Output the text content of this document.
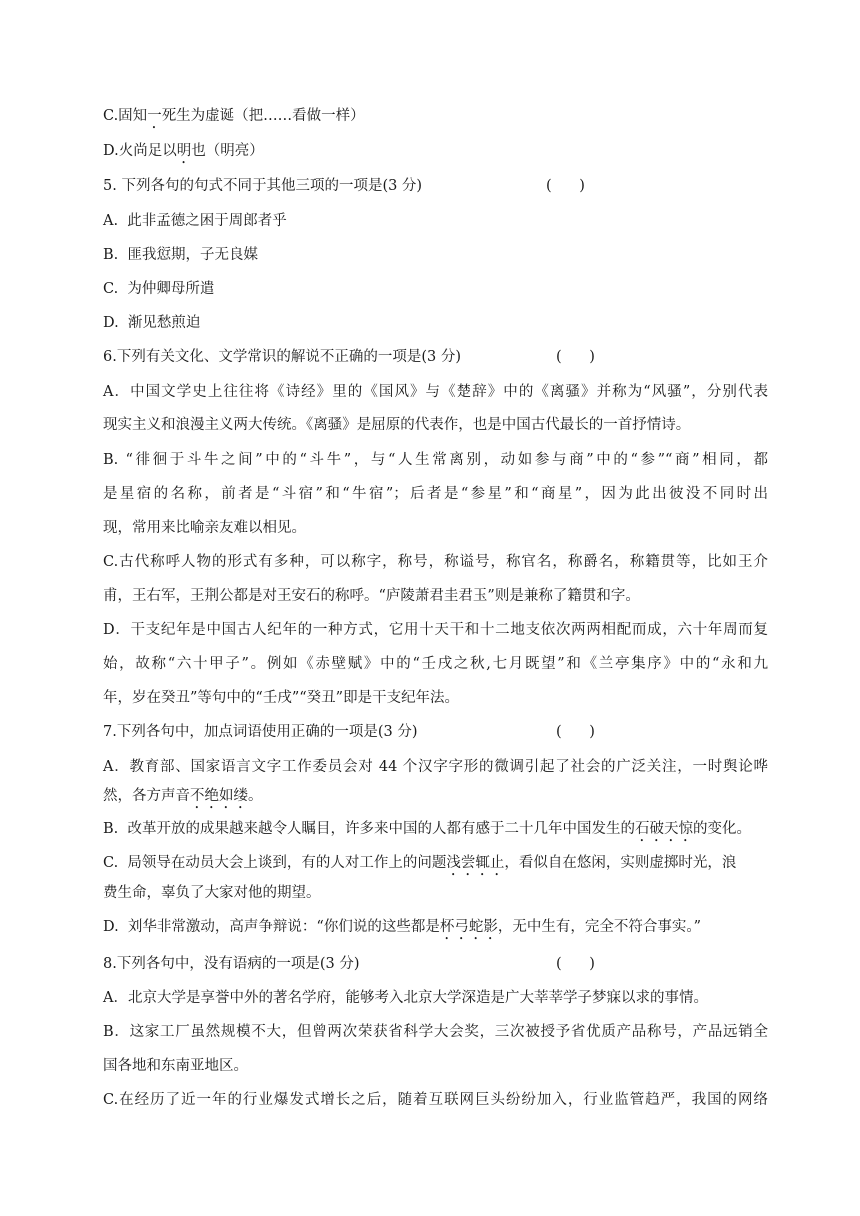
C.固知一死生为虚诞（把……看做一样）

D.火尚足以明也（明亮）

5. 下列各句的句式不同于其他三项的一项是(3 分)	(      )

A.  此非孟德之困于周郎者乎

B.  匪我愆期，子无良媒

C.  为仲卿母所遣

D.  渐见愁煎迫

6.下列有关文化、文学常识的解说不正确的一项是(3 分)	(      )

A．中国文学史上往往将《诗经》里的《国风》与《楚辞》中的《离骚》并称为“风骚”，分别代表

现实主义和浪漫主义两大传统。《离骚》是屈原的代表作，也是中国古代最长的一首抒情诗。

B. “徘徊于斗牛之间”中的“斗牛”，与“人生常离别，动如参与商”中的“参”“商”相同，都

是星宿的名称，前者是“斗宿”和“牛宿”；后者是“参星”和“商星”，因为此出彼没不同时出

现，常用来比喻亲友难以相见。

C.古代称呼人物的形式有多种，可以称字，称号，称谥号，称官名，称爵名，称籍贯等，比如王介

甫，王右军，王荆公都是对王安石的称呼。“庐陵萧君圭君玉”则是兼称了籍贯和字。

D．干支纪年是中国古人纪年的一种方式，它用十天干和十二地支依次两两相配而成，六十年周而复

始，故称“六十甲子”。例如《赤壁赋》中的“壬戌之秋,七月既望”和《兰亭集序》中的“永和九

年，岁在癸丑”等句中的“壬戌”“癸丑”即是干支纪年法。

7.下列各句中，加点词语使用正确的一项是(3 分)	(      )

A．教育部、国家语言文字工作委员会对 44 个汉字字形的微调引起了社会的广泛关注，一时舆论哗

然，各方声音不绝如缕。

B.  改革开放的成果越来越令人瞩目，许多来中国的人都有感于二十几年中国发生的石破天惊的变化。

C.  局领导在动员大会上谈到，有的人对工作上的问题浅尝辄止，看似自在悠闲，实则虚掷时光，浪

费生命，辜负了大家对他的期望。

D.  刘华非常激动，高声争辩说：“你们说的这些都是杯弓蛇影，无中生有，完全不符合事实。”

8.下列各句中，没有语病的一项是(3 分)	(      )

A．北京大学是享誉中外的著名学府，能够考入北京大学深造是广大莘莘学子梦寐以求的事情。

B．这家工厂虽然规模不大，但曾两次荣获省科学大会奖，三次被授予省优质产品称号，产品远销全

国各地和东南亚地区。

C.在经历了近一年的行业爆发式增长之后，随着互联网巨头纷纷加入，行业监管趋严，我国的网络
